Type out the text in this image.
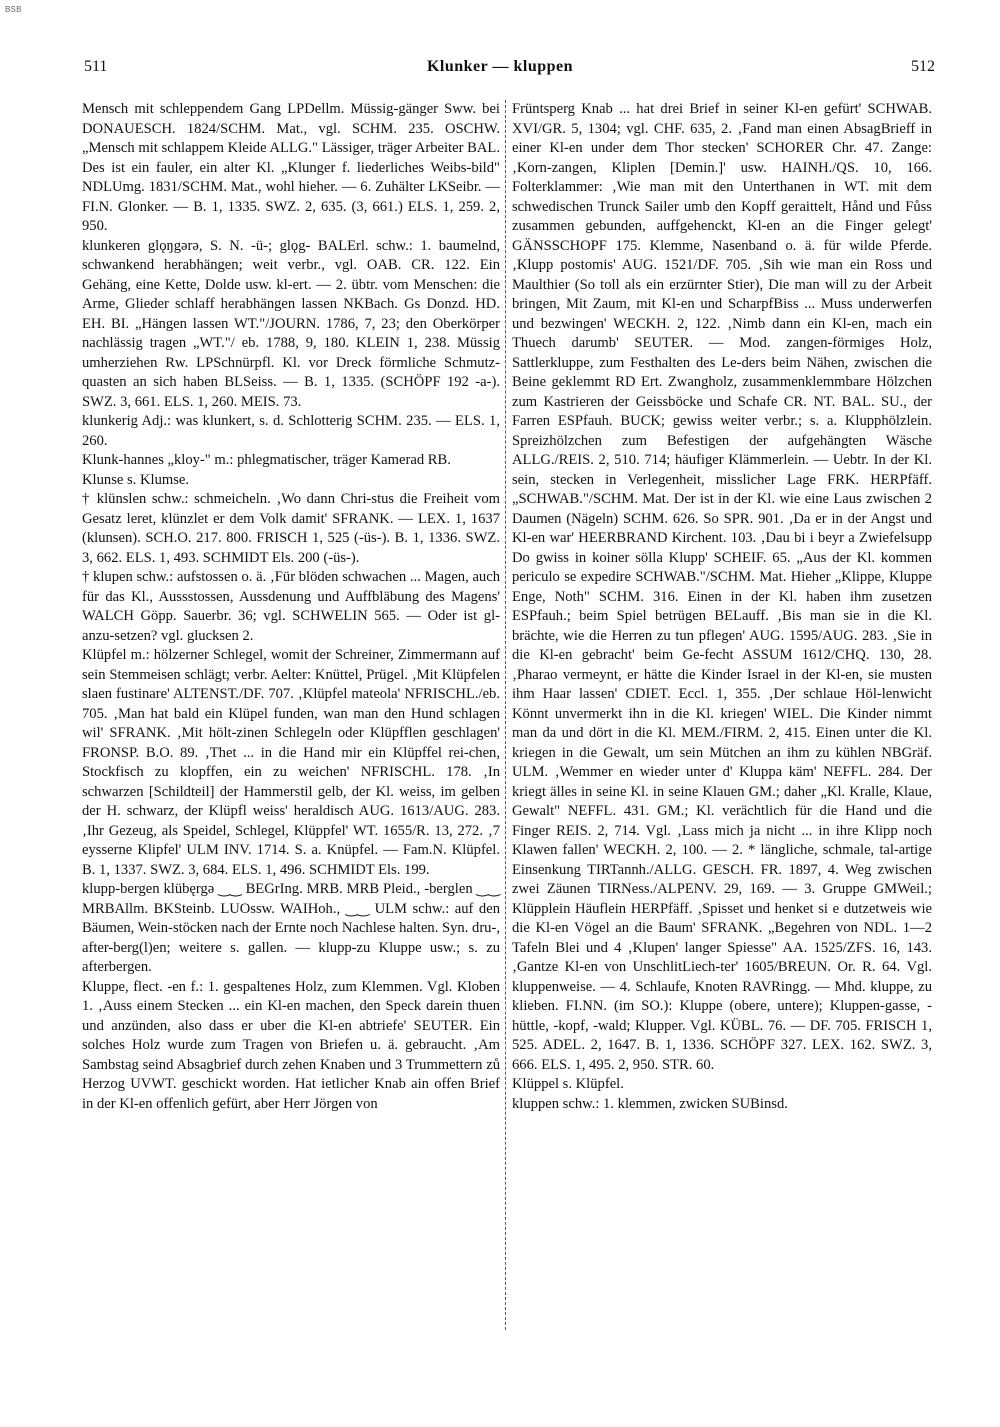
BSB
511	Klunker — kluppen	512

Mensch mit schleppendem Gang LPDellm. Müssig-gänger Sww. bei DONAUESCH. 1824/SCHM. Mat., vgl. SCHM. 235. OSCHW. „Mensch mit schlappem Kleide ALLG." Lässiger, träger Arbeiter BAL. Des ist ein fauler, ein alter Kl. „Klunger f. liederliches Weibs-bild" NDLUmg. 1831/SCHM. Mat., wohl hieher. — 6. Zuhälter LKSeibr. — FI.N. Glonker. — B. 1, 1335. SWZ. 2, 635. (3, 661.) ELS. 1, 259. 2, 950.

klunkeren glǫŋgǝrǝ, S. N. -ü-; glǫg- BALErl. schw.: 1. baumelnd, schwankend herabhängen; weit verbr., vgl. OAB. CR. 122. Ein Gehäng, eine Kette, Dolde usw. kl-ert. — 2. übtr. vom Menschen: die Arme, Glieder schlaff herabhängen lassen NKBach. Gs Donzd. HD. EH. BI. „Hängen lassen WT."/JOURN. 1786, 7, 23; den Oberkörper nachlässig tragen „WT."/ eb. 1788, 9, 180. KLEIN 1, 238. Müssig umherziehen Rw. LPSchnürpfl. Kl. vor Dreck förmliche Schmutz-quasten an sich haben BLSeiss. — B. 1, 1335. (SCHÖPF 192 -a-). SWZ. 3, 661. ELS. 1, 260. MEIS. 73.

klunkerig Adj.: was klunkert, s. d. Schlotterig SCHM. 235. — ELS. 1, 260.

Klunk-hannes „kloy-" m.: phlegmatischer, träger Kamerad RB.

Klunse s. Klumse.

† klünslen schw.: schmeicheln. ‚Wo dann Chri-stus die Freiheit vom Gesatz leret, klünzlet er dem Volk damit' SFRANK. — LEX. 1, 1637 (klunsen). SCH.O. 217. 800. FRISCH 1, 525 (-üs-). B. 1, 1336. SWZ. 3, 662. ELS. 1, 493. SCHMIDT Els. 200 (-üs-).

† klupen schw.: aufstossen o. ä. ‚Für blöden schwachen ... Magen, auch für das Kl., Aussstossen, Aussdenung und Auffbläbung des Magens' WALCH Göpp. Sauerbr. 36; vgl. SCHWELIN 565. — Oder ist gl- anzu-setzen? vgl. glucksen 2.

Klüpfel m.: hölzerner Schlegel, womit der Schreiner, Zimmermann auf sein Stemmeisen schlägt; verbr. Aelter: Knüttel, Prügel. ‚Mit Klüpfelen slaen fustinare' ALTENST./DF. 707. ‚Klüpfel mateola' NFRISCHL./eb. 705. ‚Man hat bald ein Klüpel funden, wan man den Hund schlagen wil' SFRANK. ‚Mit hölt-zinen Schlegeln oder Klüpfflen geschlagen' FRONSP. B.O. 89. ‚Thet ... in die Hand mir ein Klüpffel rei-chen, Stockfisch zu klopffen, ein zu weichen' NFRISCHL. 178. ‚In schwarzen [Schildteil] der Hammerstil gelb, der Kl. weiss, im gelben der H. schwarz, der Klüpfl weiss' heraldisch AUG. 1613/AUG. 283. ‚Ihr Gezeug, als Speidel, Schlegel, Klüppfel' WT. 1655/R. 13, 272. ‚7 eysserne Klipfel' ULM INV. 1714. S. a. Knüpfel. — Fam.N. Klüpfel. B. 1, 1337. SWZ. 3, 684. ELS. 1, 496. SCHMIDT Els. 199.

klupp-bergen klübęrgǝ ‿‿ BEGrIng. MRB. MRB Pleid., -berglen ‿‿ MRBAllm. BKSteinb. LUOssw. WAIHoh., ‿‿ ULM schw.: auf den Bäumen, Wein-stöcken nach der Ernte noch Nachlese halten. Syn. dru-, after-berg(l)en; weitere s. gallen. — klupp-zu Kluppe usw.; s. zu afterbergen.

Kluppe, flect. -en f.: 1. gespaltenes Holz, zum Klemmen. Vgl. Kloben 1. ‚Auss einem Stecken ... ein Kl-en machen, den Speck darein thuen und anzünden, also dass er uber die Kl-en abtriefe' SEUTER. Ein solches Holz wurde zum Tragen von Briefen u. ä. gebraucht. ‚Am Sambstag seind Absagbrief durch zehen Knaben und 3 Trummettern zů Herzog UVWT. geschickt worden. Hat ietlicher Knab ain offen Brief in der Kl-en offenlich gefürt, aber Herr Jörgen von

Früntsperg Knab ... hat drei Brief in seiner Kl-en gefürt' SCHWAB. XVI/GR. 5, 1304; vgl. CHF. 635, 2. ‚Fand man einen AbsagBrieff in einer Kl-en under dem Thor stecken' SCHORER Chr. 47. Zange: ‚Korn-zangen, Kliplen [Demin.]' usw. HAINH./QS. 10, 166. Folterklammer: ‚Wie man mit den Unterthanen in WT. mit dem schwedischen Trunck Sailer umb den Kopff geraittelt, Hånd und Fůss zusammen gebunden, auffgehenckt, Kl-en an die Finger gelegt' GÄNSSCHOPF 175. Klemme, Nasenband o. ä. für wilde Pferde. ‚Klupp postomis' AUG. 1521/DF. 705. ‚Sih wie man ein Ross und Maulthier (So toll als ein erzürnter Stier), Die man will zu der Arbeit bringen, Mit Zaum, mit Kl-en und ScharpfBiss ... Muss underwerfen und bezwingen' WECKH. 2, 122. ‚Nimb dann ein Kl-en, mach ein Thuech darumb' SEUTER. — Mod. zangen-förmiges Holz, Sattlerkluppe, zum Festhalten des Le-ders beim Nähen, zwischen die Beine geklemmt RD Ert. Zwangholz, zusammenklemmbare Hölzchen zum Kastrieren der Geissböcke und Schafe CR. NT. BAL. SU., der Farren ESPfauh. BUCK; gewiss weiter verbr.; s. a. Klupphölzlein. Spreizhölzchen zum Befestigen der aufgehängten Wäsche ALLG./REIS. 2, 510. 714; häufiger Klämmerlein. — Uebtr. In der Kl. sein, stecken in Verlegenheit, misslicher Lage FRK. HERPfäff. „SCHWAB."/SCHM. Mat. Der ist in der Kl. wie eine Laus zwischen 2 Daumen (Nägeln) SCHM. 626. So SPR. 901. ‚Da er in der Angst und Kl-en war' HEERBRAND Kirchent. 103. ‚Dau bi i beyr a Zwiefelsupp Do gwiss in koiner sölla Klupp' SCHEIF. 65. „Aus der Kl. kommen periculo se expedire SCHWAB."/SCHM. Mat. Hieher „Klippe, Kluppe Enge, Noth" SCHM. 316. Einen in der Kl. haben ihm zusetzen ESPfauh.; beim Spiel betrügen BELauff. ‚Bis man sie in die Kl. brächte, wie die Herren zu tun pflegen' AUG. 1595/AUG. 283. ‚Sie in die Kl-en gebracht' beim Ge-fecht ASSUM 1612/CHQ. 130, 28. ‚Pharao vermeynt, er hätte die Kinder Israel in der Kl-en, sie musten ihm Haar lassen' CDIET. Eccl. 1, 355. ‚Der schlaue Höl-lenwicht Könnt unvermerkt ihn in die Kl. kriegen' WIEL. Die Kinder nimmt man da und dört in die Kl. MEM./FIRM. 2, 415. Einen unter die Kl. kriegen in die Gewalt, um sein Mütchen an ihm zu kühlen NBGräf. ULM. ‚Wemmer en wieder unter d' Kluppa käm' NEFFL. 284. Der kriegt älles in seine Kl. in seine Klauen GM.; daher „Kl. Kralle, Klaue, Gewalt" NEFFL. 431. GM.; Kl. verächtlich für die Hand und die Finger REIS. 2, 714. Vgl. ‚Lass mich ja nicht ... in ihre Klipp noch Klawen fallen' WECKH. 2, 100. — 2. * längliche, schmale, tal-artige Einsenkung TIRTannh./ALLG. GESCH. FR. 1897, 4. Weg zwischen zwei Zäunen TIRNess./ALPENV. 29, 169. — 3. Gruppe GMWeil.; Klüpplein Häuflein HERPfäff. ‚Spisset und henket si e dutzetweis wie die Kl-en Vögel an die Baum' SFRANK. „Begehren von NDL. 1—2 Tafeln Blei und 4 ‚Klupen' langer Spiesse" AA. 1525/ZFS. 16, 143. ‚Gantze Kl-en von UnschlitLiech-ter' 1605/BREUN. Or. R. 64. Vgl. kluppenweise. — 4. Schlaufe, Knoten RAVRingg. — Mhd. kluppe, zu klieben. FI.NN. (im SO.): Kluppe (obere, untere); Kluppen-gasse, -hüttle, -kopf, -wald; Klupper. Vgl. KÜBL. 76. — DF. 705. FRISCH 1, 525. ADEL. 2, 1647. B. 1, 1336. SCHÖPF 327. LEX. 162. SWZ. 3, 666. ELS. 1, 495. 2, 950. STR. 60.

Klüppel s. Klüpfel.

kluppen schw.: 1. klemmen, zwicken SUBinsd.
